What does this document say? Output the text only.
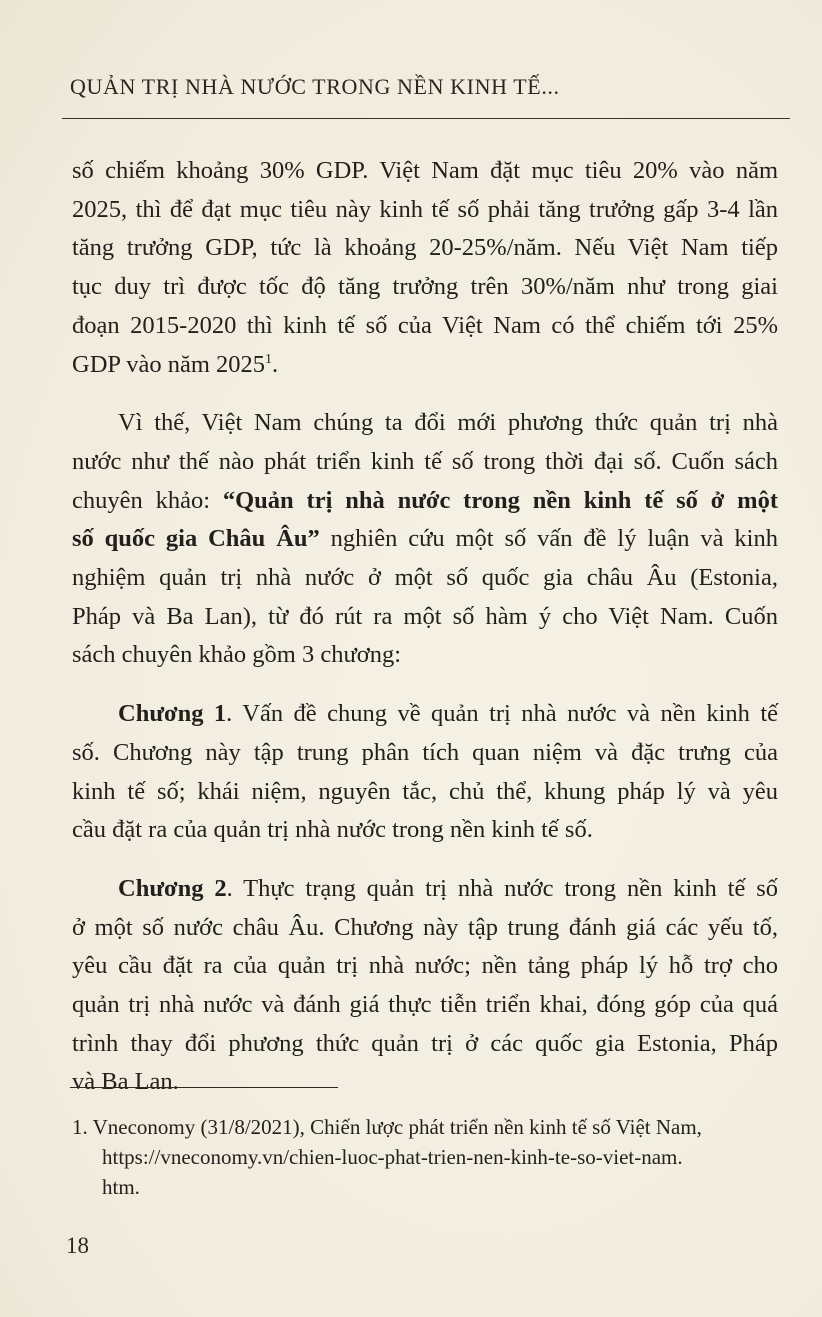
QUẢN TRỊ NHÀ NƯỚC TRONG NỀN KINH TẾ...

số chiếm khoảng 30% GDP. Việt Nam đặt mục tiêu 20% vào năm
2025, thì để đạt mục tiêu này kinh tế số phải tăng trưởng gấp 3-4 lần
tăng trưởng GDP, tức là khoảng 20-25%/năm. Nếu Việt Nam tiếp
tục duy trì được tốc độ tăng trưởng trên 30%/năm như trong giai
đoạn 2015-2020 thì kinh tế số của Việt Nam có thể chiếm tới 25%
GDP vào năm 2025$^1$.

Vì thế, Việt Nam chúng ta đổi mới phương thức quản trị nhà
nước như thế nào phát triển kinh tế số trong thời đại số. Cuốn sách
chuyên khảo: “Quản trị nhà nước trong nền kinh tế số ở một
số quốc gia Châu Âu” nghiên cứu một số vấn đề lý luận và kinh
nghiệm quản trị nhà nước ở một số quốc gia châu Âu (Estonia,
Pháp và Ba Lan), từ đó rút ra một số hàm ý cho Việt Nam. Cuốn
sách chuyên khảo gồm 3 chương:

Chương 1. Vấn đề chung về quản trị nhà nước và nền kinh tế
số. Chương này tập trung phân tích quan niệm và đặc trưng của
kinh tế số; khái niệm, nguyên tắc, chủ thể, khung pháp lý và yêu
cầu đặt ra của quản trị nhà nước trong nền kinh tế số.

Chương 2. Thực trạng quản trị nhà nước trong nền kinh tế số
ở một số nước châu Âu. Chương này tập trung đánh giá các yếu tố,
yêu cầu đặt ra của quản trị nhà nước; nền tảng pháp lý hỗ trợ cho
quản trị nhà nước và đánh giá thực tiễn triển khai, đóng góp của quá
trình thay đổi phương thức quản trị ở các quốc gia Estonia, Pháp
và Ba Lan.

1. Vneconomy (31/8/2021), Chiến lược phát triển nền kinh tế số Việt Nam,
https://vneconomy.vn/chien-luoc-phat-trien-nen-kinh-te-so-viet-nam.
htm.
18
